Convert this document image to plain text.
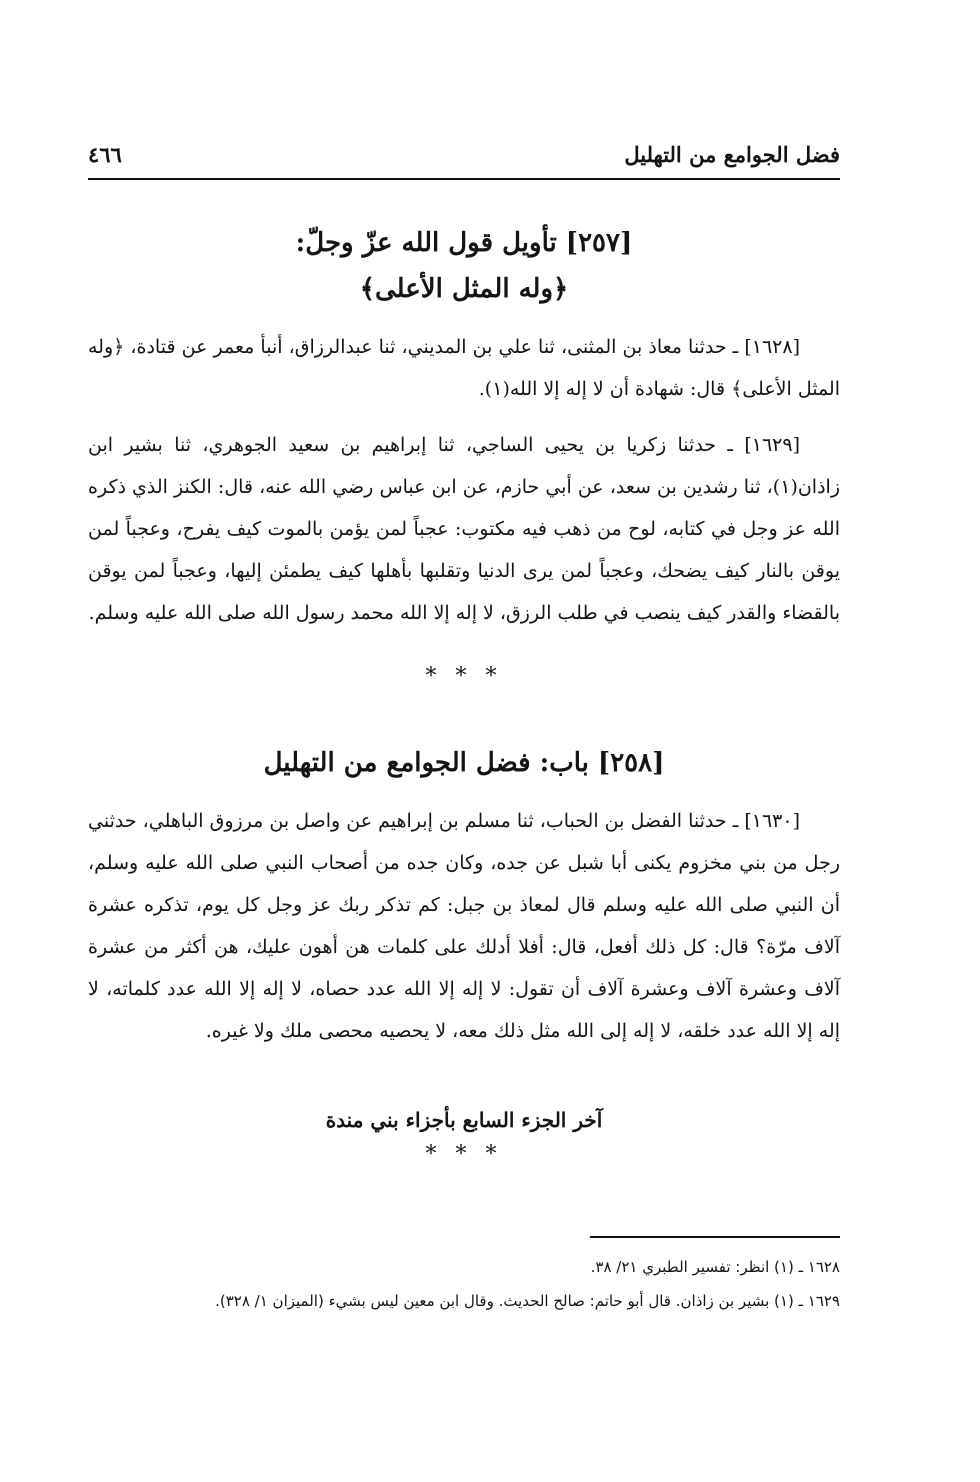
فضل الجوامع من التهليل
٤٦٦
[٢٥٧] تأويل قول الله عزّ وجلّ:
﴿وله المثل الأعلى﴾

[١٦٢٨] ـ حدثنا معاذ بن المثنى، ثنا علي بن المديني، ثنا عبدالرزاق، أنبأ معمر عن قتادة، ﴿وله المثل الأعلى﴾ قال: شهادة أن لا إله إلا الله(١).

[١٦٢٩] ـ حدثنا زكريا بن يحيى الساجي، ثنا إبراهيم بن سعيد الجوهري، ثنا بشير ابن زاذان(١)، ثنا رشدين بن سعد، عن أبي حازم، عن ابن عباس رضي الله عنه، قال: الكنز الذي ذكره الله عز وجل في كتابه، لوح من ذهب فيه مكتوب: عجباً لمن يؤمن بالموت كيف يفرح، وعجباً لمن يوقن بالنار كيف يضحك، وعجباً لمن يرى الدنيا وتقلبها بأهلها كيف يطمئن إليها، وعجباً لمن يوقن بالقضاء والقدر كيف ينصب في طلب الرزق، لا إله إلا الله محمد رسول الله صلى الله عليه وسلم.

* * *

[٢٥٨] باب: فضل الجوامع من التهليل

[١٦٣٠] ـ حدثنا الفضل بن الحباب، ثنا مسلم بن إبراهيم عن واصل بن مرزوق الباهلي، حدثني رجل من بني مخزوم يكنى أبا شبل عن جده، وكان جده من أصحاب النبي صلى الله عليه وسلم، أن النبي صلى الله عليه وسلم قال لمعاذ بن جبل: كم تذكر ربك عز وجل كل يوم، تذكره عشرة آلاف مرّة؟ قال: كل ذلك أفعل، قال: أفلا أدلك على كلمات هن أهون عليك، هن أكثر من عشرة آلاف وعشرة آلاف وعشرة آلاف أن تقول: لا إله إلا الله عدد حصاه، لا إله إلا الله عدد كلماته، لا إله إلا الله عدد خلقه، لا إله إلى الله مثل ذلك معه، لا يحصيه محصى ملك ولا غيره.

آخر الجزء السابع بأجزاء بني مندة

* * *

١٦٢٨ ـ (١) انظر: تفسير الطبري ٢١/ ٣٨.

١٦٢٩ ـ (١) بشير بن زاذان. قال أبو حاتم: صالح الحديث. وقال ابن معين ليس بشيء (الميزان ١/ ٣٢٨).
